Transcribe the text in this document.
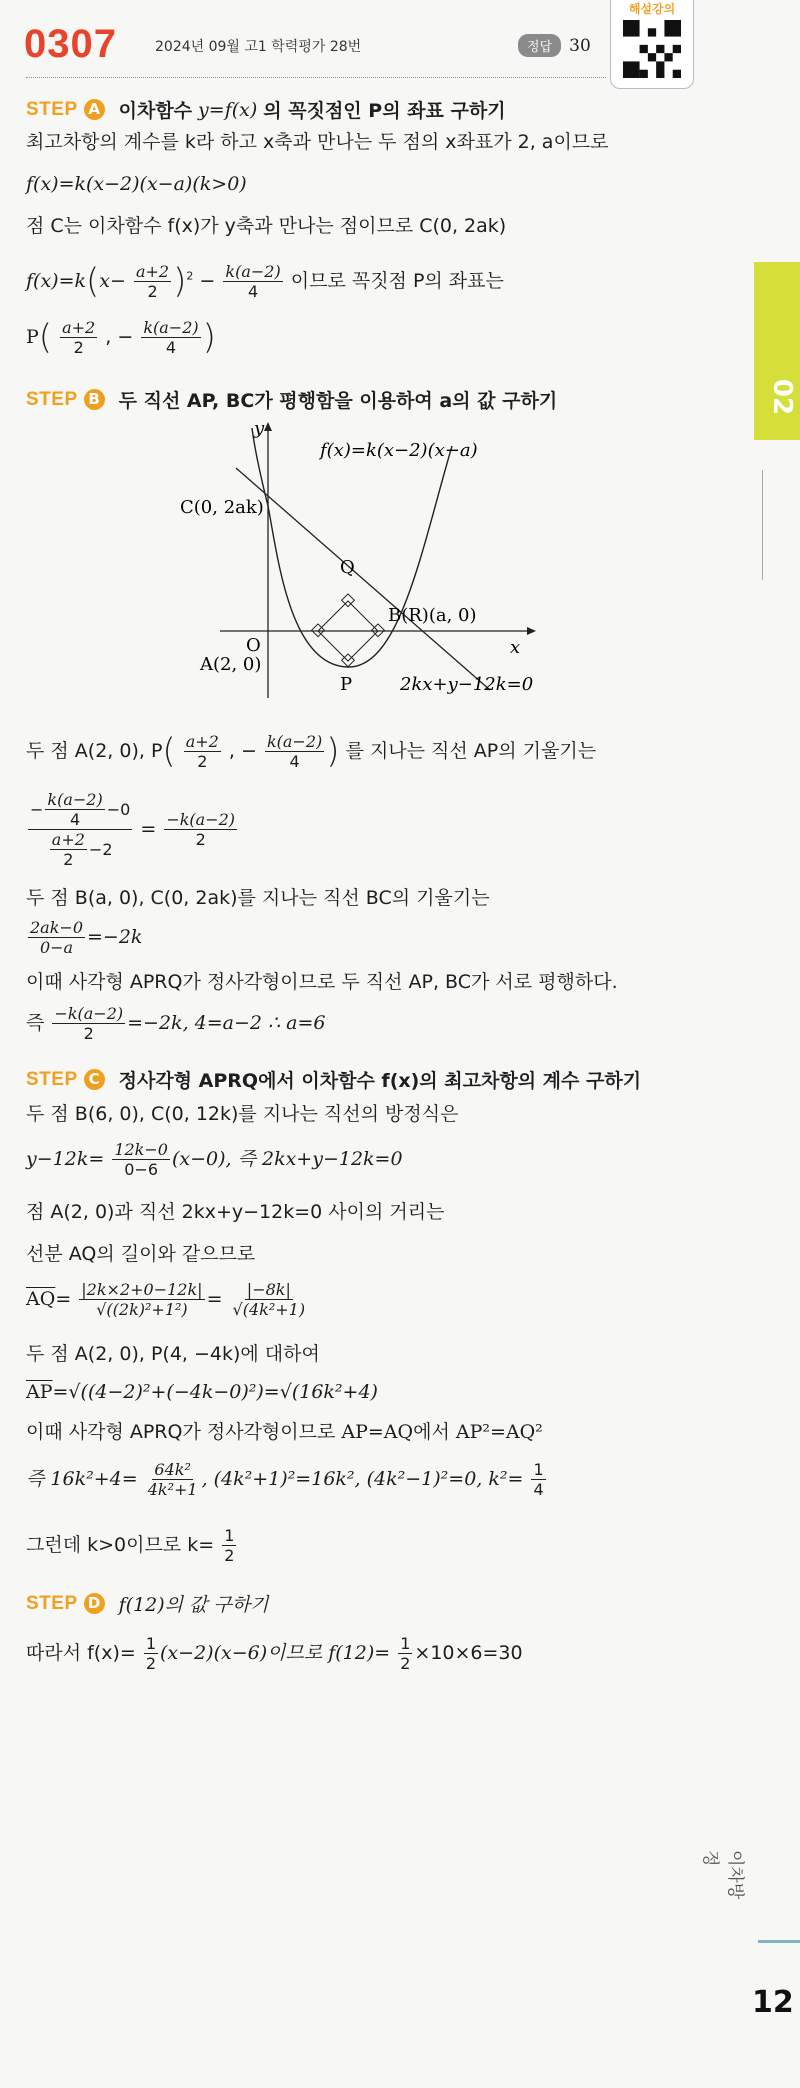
0307	2024년 09월 고1 학력평가 28번	정답	30
해설강의
02
이차방정
12
STEP A 이차함수 y=f(x) 의 꼭짓점인 P의 좌표 구하기
최고차항의 계수를 k라 하고 x축과 만나는 두 점의 x좌표가 2, a이므로
f(x)=k(x−2)(x−a)(k>0)
점 C는 이차함수 f(x)가 y축과 만나는 점이므로 C(0, 2ak)
$f(x)=k(x- \frac{a+2}{2} )^2 - \frac{k(a-2)}{4}$ 이므로 꼭짓점 P의 좌표는
$P( \frac{a+2}{2}$ , − $\frac{k(a-2)}{4}$ )
STEP B 두 직선 AP, BC가 평행함을 이용하여 a의 값 구하기
y
x
f(x)=k(x−2)(x−a)
C(0, 2ak)
Q
B(R)(a, 0)
O
A(2, 0)
P	2kx+y−12k=0
두 점 A(2, 0), $P( \frac{a+2}{2}$ , − $\frac{k(a-2)}{4}$ ) 를 지나는 직선 AP의 기울기는
$\frac{- \frac{k(a-2)}{4} -0}{\frac{a+2}{2} -2} = \frac{-k(a-2)}{2}$
두 점 B(a, 0), C(0, 2ak)를 지나는 직선 BC의 기울기는
$\frac{2ak-0}{0-a} =-2k$
이때 사각형 APRQ가 정사각형이므로 두 직선 AP, BC가 서로 평행하다.
즉 $\frac{-k(a-2)}{2} =-2k$, 4=a−2 ∴ a=6
STEP C 정사각형 APRQ에서 이차함수 f(x)의 최고차항의 계수 구하기
두 점 B(6, 0), C(0, 12k)를 지나는 직선의 방정식은
$y-12k= \frac{12k-0}{0-6} (x-0)$, 즉 2kx+y−12k=0
점 A(2, 0)과 직선 2kx+y−12k=0 사이의 거리는
선분 AQ의 길이와 같으므로
$\overline{AQ}= \frac{|2k\times 2+0-12k|}{\text{√((2k)²+1²)}} = \frac{|-8k|}{\text{√(4k²+1)}}$
두 점 A(2, 0), P(4, −4k)에 대하여
$\overline{AP}=√((4-2)^2+(-4k-0)^2)=√(16k^2+4)$
이때 사각형 APRQ가 정사각형이므로 AP=AQ에서 AP²=AQ²
즉 $16k^2+4= \frac{\text{64k²}}{\text{4k²+1}}$ , (4k²+1)²=16k², (4k²−1)²=0, $k^2= \frac{1}{4}$
그런데 k>0이므로 $k= \frac{1}{2}$
STEP D f(12)의 값 구하기
따라서 $f(x)= \frac{1}{2} (x-2)(x-6)$이므로 $f(12)= \frac{1}{2} \times 10\times 6=30$
